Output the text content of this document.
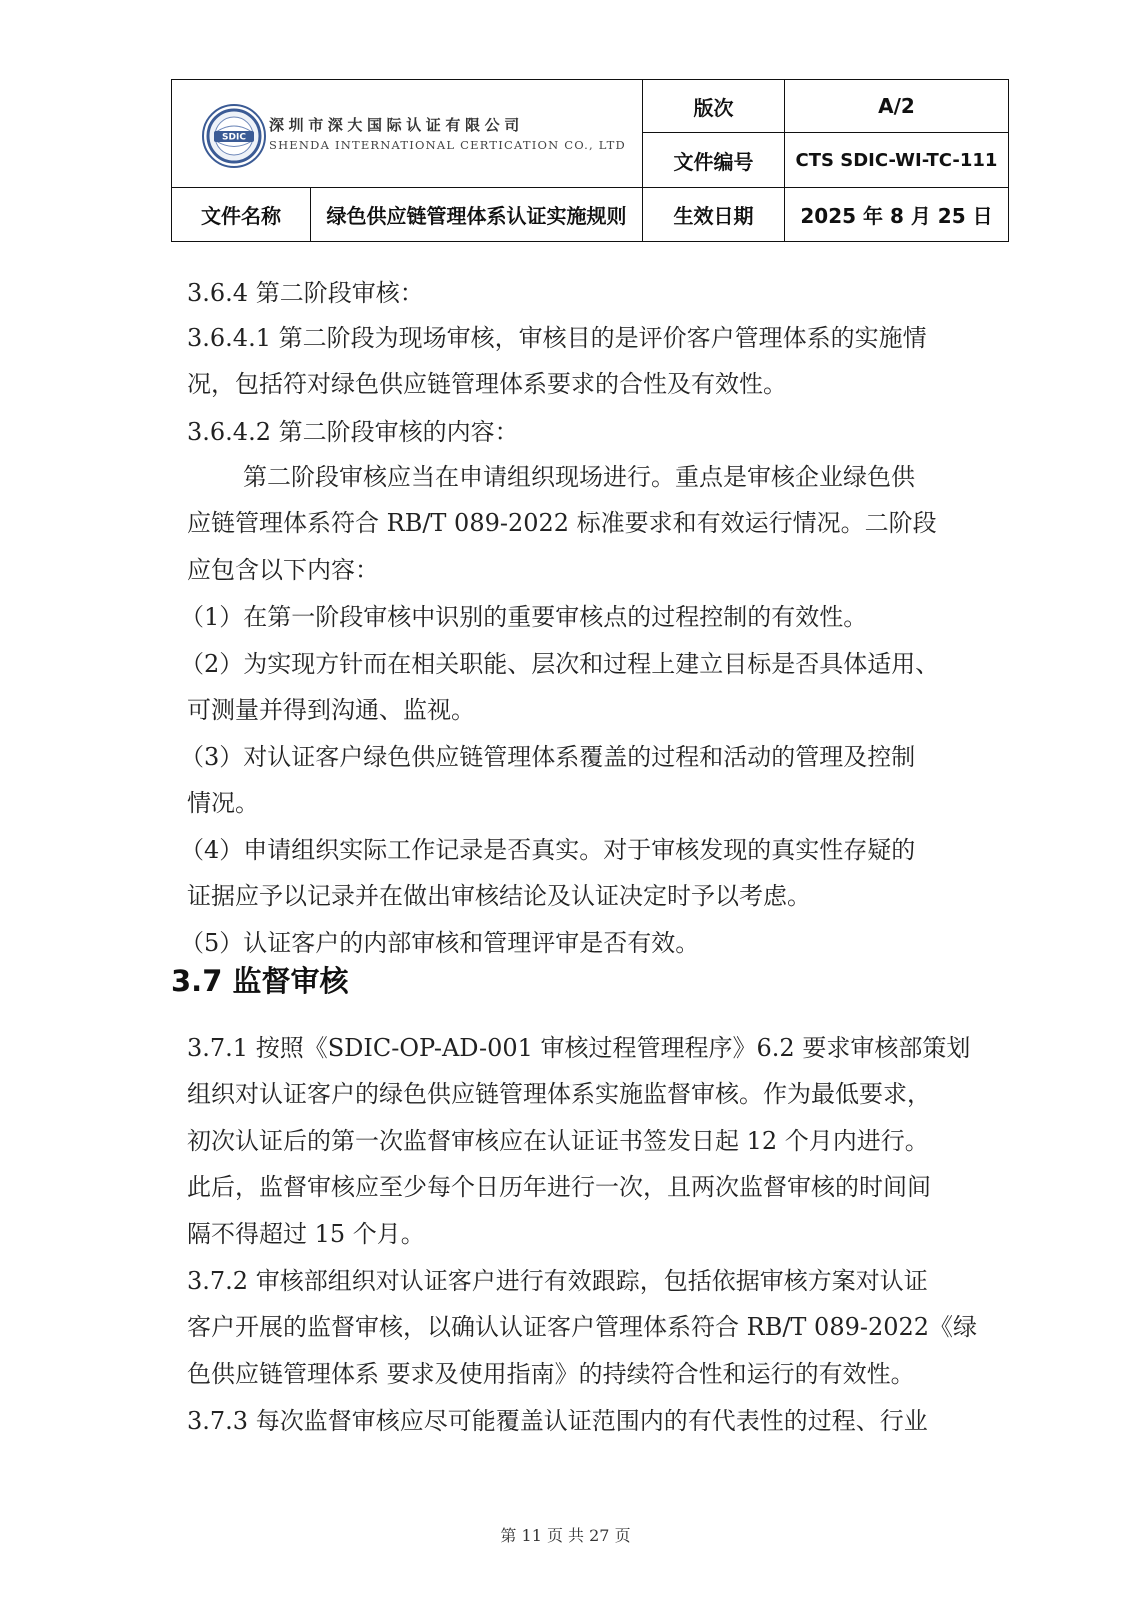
SDIC
深圳市深大国际认证有限公司
SHENDA INTERNATIONAL CERTICATION CO., LTD		版次	A/2
		文件编号	CTS SDIC-WI-TC-111
文件名称	绿色供应链管理体系认证实施规则	生效日期	2025 年 8 月 25 日
3.6.4 第二阶段审核：
3.6.4.1 第二阶段为现场审核，审核目的是评价客户管理体系的实施情
况，包括符对绿色供应链管理体系要求的合性及有效性。
3.6.4.2 第二阶段审核的内容：
第二阶段审核应当在申请组织现场进行。重点是审核企业绿色供
应链管理体系符合 RB/T 089-2022 标准要求和有效运行情况。二阶段
应包含以下内容：
（1）在第一阶段审核中识别的重要审核点的过程控制的有效性。
（2）为实现方针而在相关职能、层次和过程上建立目标是否具体适用、
可测量并得到沟通、监视。
（3）对认证客户绿色供应链管理体系覆盖的过程和活动的管理及控制
情况。
（4）申请组织实际工作记录是否真实。对于审核发现的真实性存疑的
证据应予以记录并在做出审核结论及认证决定时予以考虑。
（5）认证客户的内部审核和管理评审是否有效。
3.7 监督审核
3.7.1 按照《SDIC-OP-AD-001 审核过程管理程序》6.2 要求审核部策划
组织对认证客户的绿色供应链管理体系实施监督审核。作为最低要求，
初次认证后的第一次监督审核应在认证证书签发日起 12 个月内进行。
此后，监督审核应至少每个日历年进行一次，且两次监督审核的时间间
隔不得超过 15 个月。
3.7.2 审核部组织对认证客户进行有效跟踪，包括依据审核方案对认证
客户开展的监督审核，以确认认证客户管理体系符合 RB/T 089-2022《绿
色供应链管理体系 要求及使用指南》的持续符合性和运行的有效性。
3.7.3 每次监督审核应尽可能覆盖认证范围内的有代表性的过程、行业
第 11 页 共 27 页
